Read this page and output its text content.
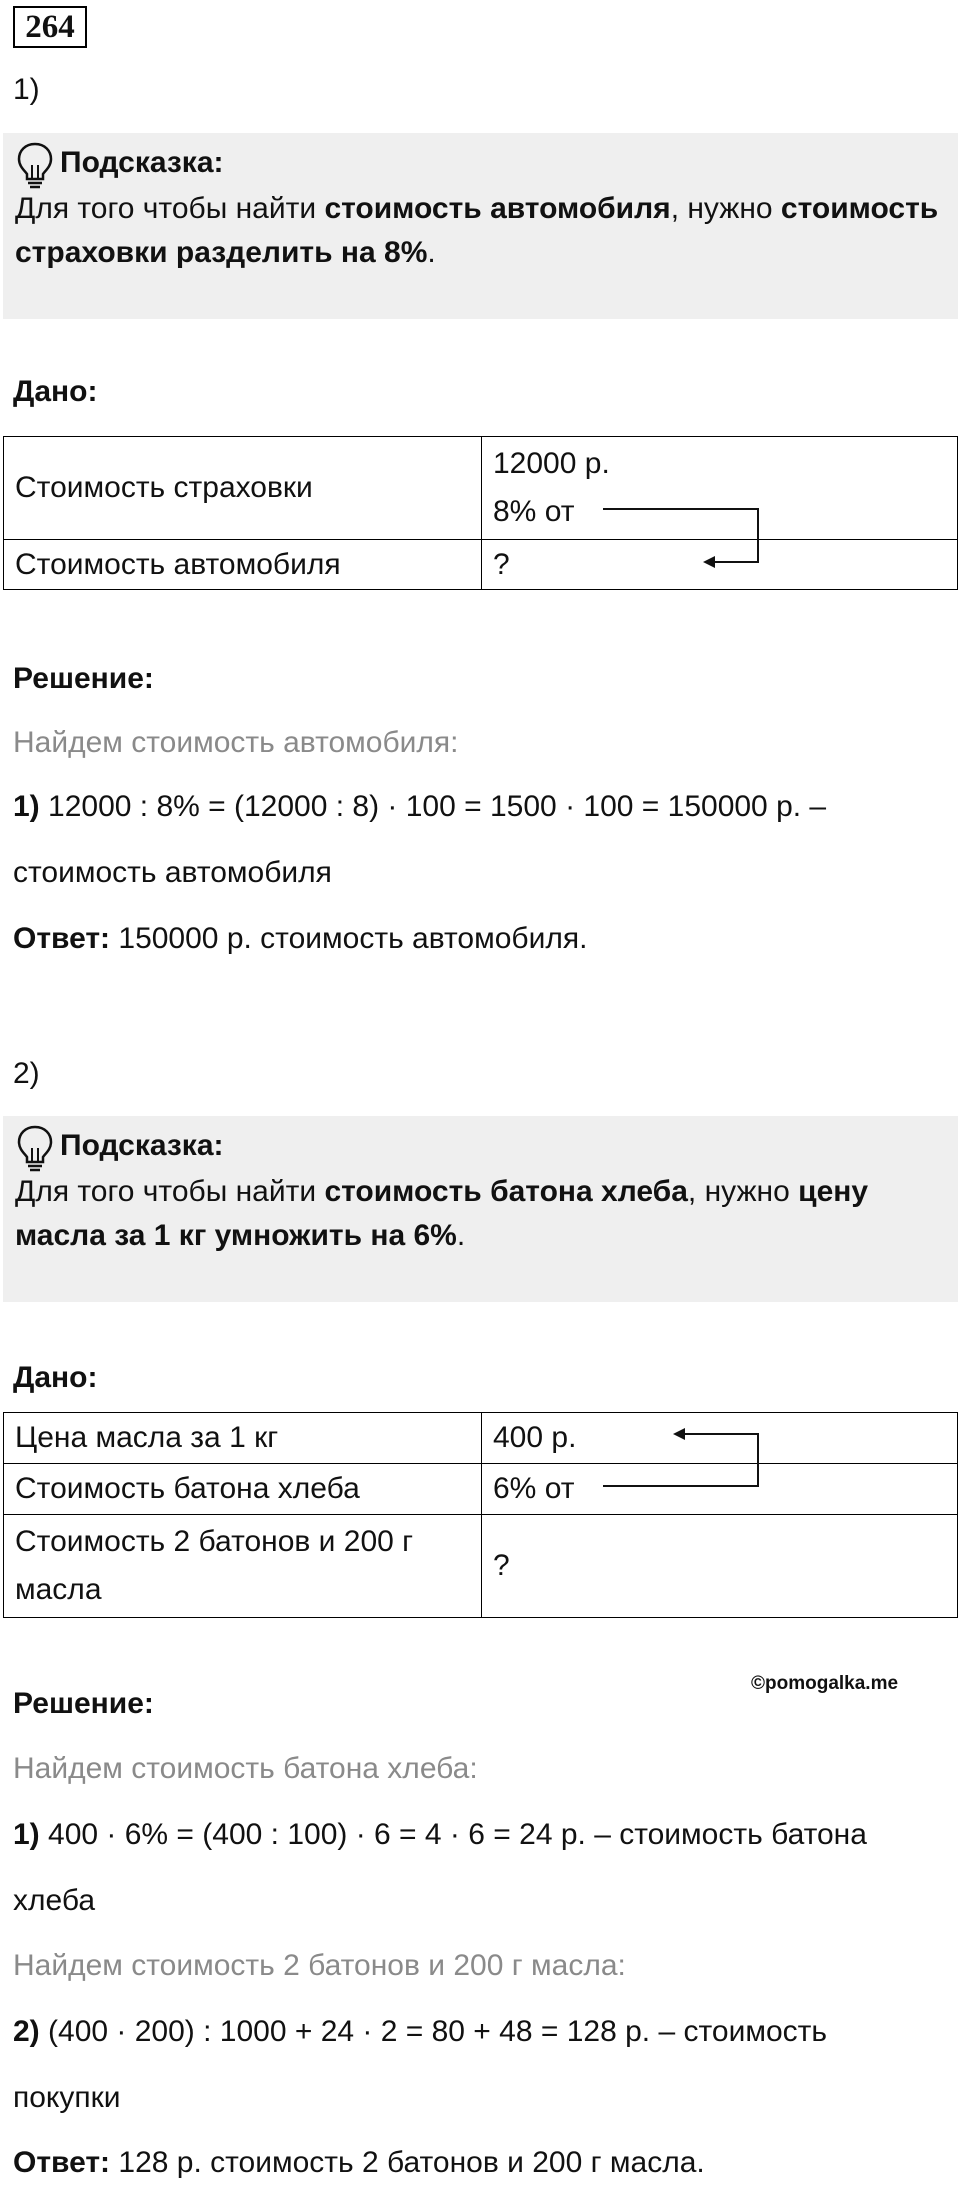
264
1)
Подсказка:
Для того чтобы найти стоимость автомобиля, нужно стоимость страховки разделить на 8%.
Дано:
Стоимость страховки	12000 р.
8% от

Стоимость автомобиля	?
Решение:
Найдем стоимость автомобиля:
1) 12000 : 8% = (12000 : 8) · 100 = 1500 · 100 = 150000 р. –
стоимость автомобиля
Ответ: 150000 р. стоимость автомобиля.
2)
Подсказка:
Для того чтобы найти стоимость батона хлеба, нужно цену масла за 1 кг умножить на 6%.
Дано:
Цена масла за 1 кг	400 р.
Стоимость батона хлеба	6% от
Стоимость 2 батонов и 200 г масла	?
©pomogalka.me
Решение:
Найдем стоимость батона хлеба:
1) 400 · 6% = (400 : 100) · 6 = 4 · 6 = 24 р. – стоимость батона
хлеба
Найдем стоимость 2 батонов и 200 г масла:
2) (400 · 200) : 1000 + 24 · 2 = 80 + 48 = 128 р. – стоимость
покупки
Ответ: 128 р. стоимость 2 батонов и 200 г масла.
